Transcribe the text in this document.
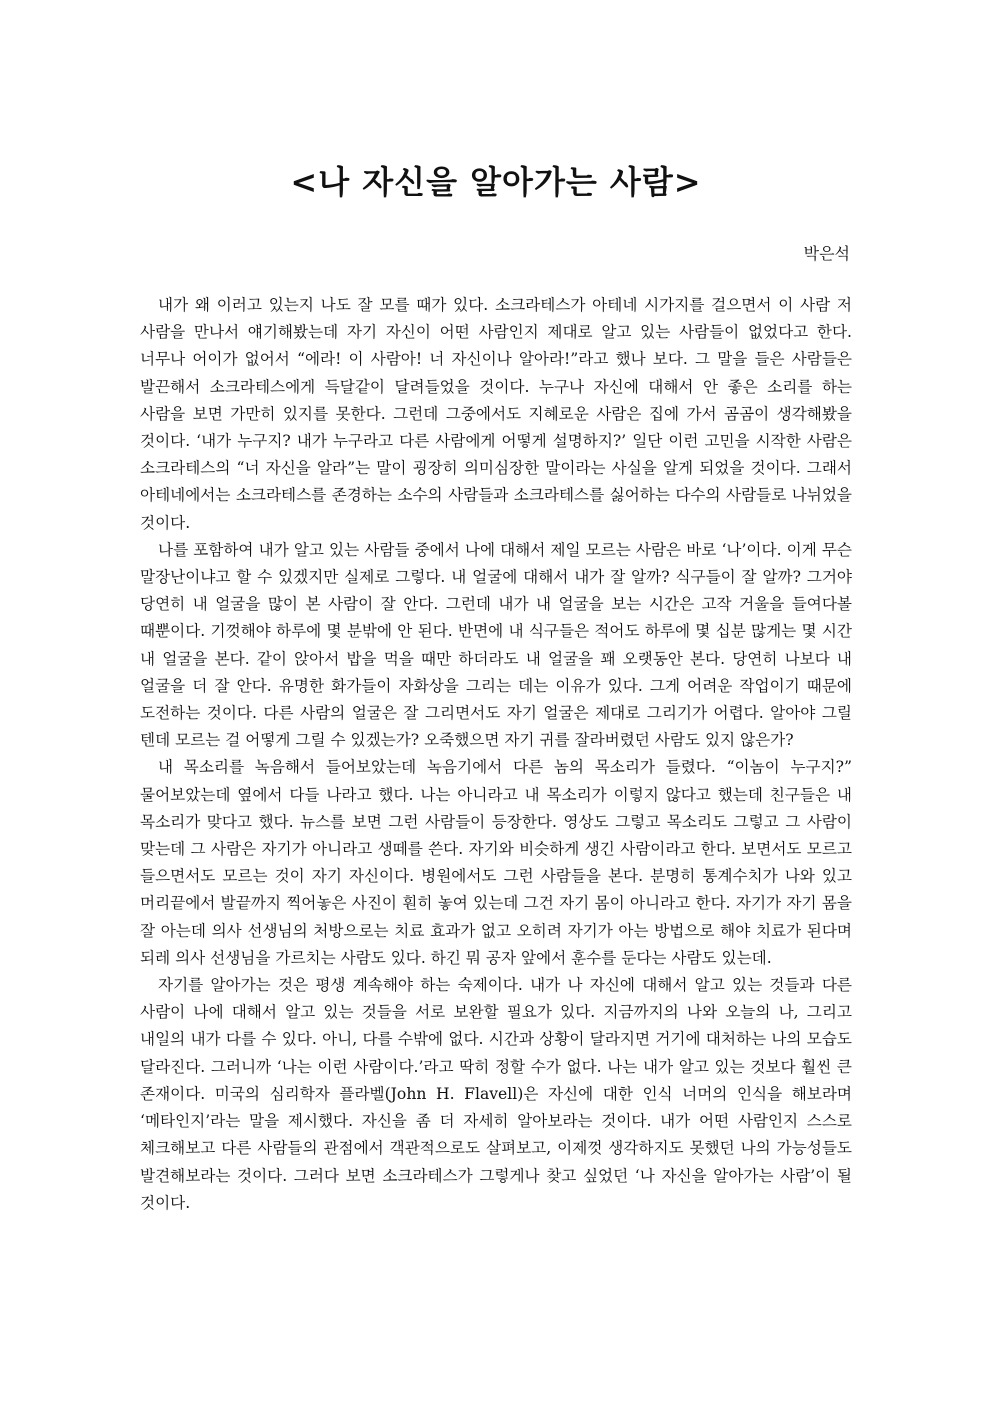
<나 자신을 알아가는 사람>
박은석

내가 왜 이러고 있는지 나도 잘 모를 때가 있다. 소크라테스가 아테네 시가지를 걸으면서 이 사람 저 사람을 만나서 얘기해봤는데 자기 자신이 어떤 사람인지 제대로 알고 있는 사람들이 없었다고 한다. 너무나 어이가 없어서 “에라! 이 사람아! 너 자신이나 알아라!”라고 했나 보다. 그 말을 들은 사람들은 발끈해서 소크라테스에게 득달같이 달려들었을 것이다. 누구나 자신에 대해서 안 좋은 소리를 하는 사람을 보면 가만히 있지를 못한다. 그런데 그중에서도 지혜로운 사람은 집에 가서 곰곰이 생각해봤을 것이다. ‘내가 누구지? 내가 누구라고 다른 사람에게 어떻게 설명하지?’ 일단 이런 고민을 시작한 사람은 소크라테스의 “너 자신을 알라”는 말이 굉장히 의미심장한 말이라는 사실을 알게 되었을 것이다. 그래서 아테네에서는 소크라테스를 존경하는 소수의 사람들과 소크라테스를 싫어하는 다수의 사람들로 나뉘었을 것이다.

나를 포함하여 내가 알고 있는 사람들 중에서 나에 대해서 제일 모르는 사람은 바로 ‘나’이다. 이게 무슨 말장난이냐고 할 수 있겠지만 실제로 그렇다. 내 얼굴에 대해서 내가 잘 알까? 식구들이 잘 알까? 그거야 당연히 내 얼굴을 많이 본 사람이 잘 안다. 그런데 내가 내 얼굴을 보는 시간은 고작 거울을 들여다볼 때뿐이다. 기껏해야 하루에 몇 분밖에 안 된다. 반면에 내 식구들은 적어도 하루에 몇 십분 많게는 몇 시간 내 얼굴을 본다. 같이 앉아서 밥을 먹을 때만 하더라도 내 얼굴을 꽤 오랫동안 본다. 당연히 나보다 내 얼굴을 더 잘 안다. 유명한 화가들이 자화상을 그리는 데는 이유가 있다. 그게 어려운 작업이기 때문에 도전하는 것이다. 다른 사람의 얼굴은 잘 그리면서도 자기 얼굴은 제대로 그리기가 어렵다. 알아야 그릴 텐데 모르는 걸 어떻게 그릴 수 있겠는가? 오죽했으면 자기 귀를 잘라버렸던 사람도 있지 않은가?

내 목소리를 녹음해서 들어보았는데 녹음기에서 다른 놈의 목소리가 들렸다. “이놈이 누구지?” 물어보았는데 옆에서 다들 나라고 했다. 나는 아니라고 내 목소리가 이렇지 않다고 했는데 친구들은 내 목소리가 맞다고 했다. 뉴스를 보면 그런 사람들이 등장한다. 영상도 그렇고 목소리도 그렇고 그 사람이 맞는데 그 사람은 자기가 아니라고 생떼를 쓴다. 자기와 비슷하게 생긴 사람이라고 한다. 보면서도 모르고 들으면서도 모르는 것이 자기 자신이다. 병원에서도 그런 사람들을 본다. 분명히 통계수치가 나와 있고 머리끝에서 발끝까지 찍어놓은 사진이 훤히 놓여 있는데 그건 자기 몸이 아니라고 한다. 자기가 자기 몸을 잘 아는데 의사 선생님의 처방으로는 치료 효과가 없고 오히려 자기가 아는 방법으로 해야 치료가 된다며 되레 의사 선생님을 가르치는 사람도 있다. 하긴 뭐 공자 앞에서 훈수를 둔다는 사람도 있는데.

자기를 알아가는 것은 평생 계속해야 하는 숙제이다. 내가 나 자신에 대해서 알고 있는 것들과 다른 사람이 나에 대해서 알고 있는 것들을 서로 보완할 필요가 있다. 지금까지의 나와 오늘의 나, 그리고 내일의 내가 다를 수 있다. 아니, 다를 수밖에 없다. 시간과 상황이 달라지면 거기에 대처하는 나의 모습도 달라진다. 그러니까 ‘나는 이런 사람이다.’라고 딱히 정할 수가 없다. 나는 내가 알고 있는 것보다 훨씬 큰 존재이다. 미국의 심리학자 플라벨(John H. Flavell)은 자신에 대한 인식 너머의 인식을 해보라며 ‘메타인지’라는 말을 제시했다. 자신을 좀 더 자세히 알아보라는 것이다. 내가 어떤 사람인지 스스로 체크해보고 다른 사람들의 관점에서 객관적으로도 살펴보고, 이제껏 생각하지도 못했던 나의 가능성들도 발견해보라는 것이다. 그러다 보면 소크라테스가 그렇게나 찾고 싶었던 ‘나 자신을 알아가는 사람’이 될 것이다.
